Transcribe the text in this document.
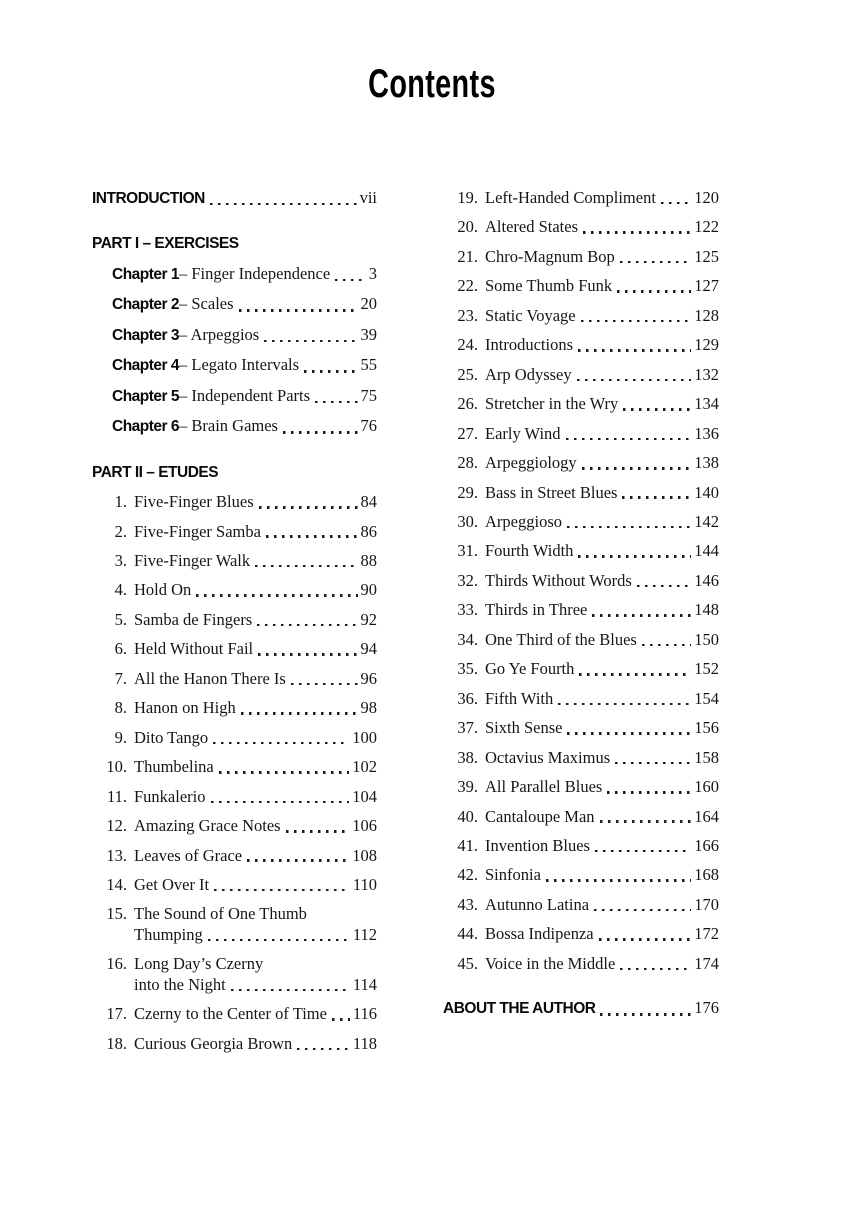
Contents
INTRODUCTION	vii
PART I – EXERCISES
Chapter 1 – Finger Independence 3
Chapter 2 – Scales	20
Chapter 3 – Arpeggios	39
Chapter 4 – Legato Intervals	55
Chapter 5 – Independent Parts	75
Chapter 6 – Brain Games	76
PART II – ETUDES
1. Five-Finger Blues	84
2. Five-Finger Samba	86
3. Five-Finger Walk	88
4. Hold On	90
5. Samba de Fingers	92
6. Held Without Fail	94
7. All the Hanon There Is	96
8. Hanon on High	98
9. Dito Tango	100
10. Thumbelina	102
11. Funkalerio	104
12. Amazing Grace Notes	106
13. Leaves of Grace	108
14. Get Over It	110
15. The Sound of One Thumb
Thumping	112
16. Long Day’s Czerny
into the Night	114
17. Czerny to the Center of Time 116
18. Curious Georgia Brown	118
19. Left-Handed Compliment 120
20. Altered States	122
21. Chro-Magnum Bop	125
22. Some Thumb Funk	127
23. Static Voyage	128
24. Introductions	129
25. Arp Odyssey	132
26. Stretcher in the Wry	134
27. Early Wind	136
28. Arpeggiology	138
29. Bass in Street Blues	140
30. Arpeggioso	142
31. Fourth Width	144
32. Thirds Without Words	146
33. Thirds in Three	148
34. One Third of the Blues	150
35. Go Ye Fourth	152
36. Fifth With	154
37. Sixth Sense	156
38. Octavius Maximus	158
39. All Parallel Blues	160
40. Cantaloupe Man	164
41. Invention Blues	166
42. Sinfonia	168
43. Autunno Latina	170
44. Bossa Indipenza	172
45. Voice in the Middle	174
ABOUT THE AUTHOR	176
